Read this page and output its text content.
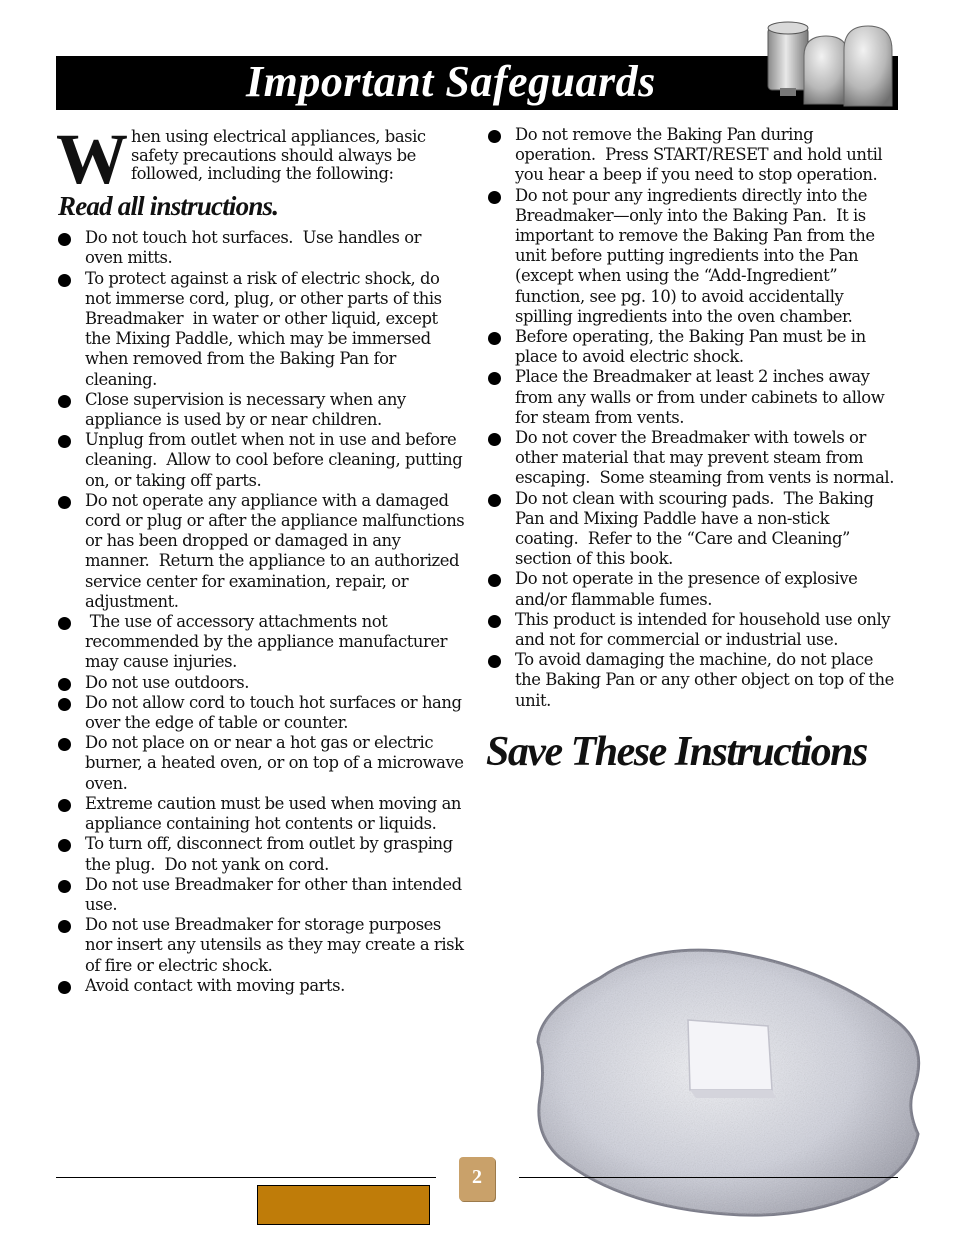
Important Safeguards
W hen using electrical appliances, basic
safety precautions should always be
followed, including the following:
Read all instructions.
Do not touch hot surfaces.  Use handles or
oven mitts.
To protect against a risk of electric shock, do
not immerse cord, plug, or other parts of this
Breadmaker  in water or other liquid, except
the Mixing Paddle, which may be immersed
when removed from the Baking Pan for
cleaning.
Close supervision is necessary when any
appliance is used by or near children.
Unplug from outlet when not in use and before
cleaning.  Allow to cool before cleaning, putting
on, or taking off parts.
Do not operate any appliance with a damaged
cord or plug or after the appliance malfunctions
or has been dropped or damaged in any
manner.  Return the appliance to an authorized
service center for examination, repair, or
adjustment.
The use of accessory attachments not
recommended by the appliance manufacturer
may cause injuries.
Do not use outdoors.
Do not allow cord to touch hot surfaces or hang
over the edge of table or counter.
Do not place on or near a hot gas or electric
burner, a heated oven, or on top of a microwave
oven.
Extreme caution must be used when moving an
appliance containing hot contents or liquids.
To turn off, disconnect from outlet by grasping
the plug.  Do not yank on cord.
Do not use Breadmaker for other than intended
use.
Do not use Breadmaker for storage purposes
nor insert any utensils as they may create a risk
of fire or electric shock.
Avoid contact with moving parts.
Do not remove the Baking Pan during
operation.  Press START/RESET and hold until
you hear a beep if you need to stop operation.
Do not pour any ingredients directly into the
Breadmaker—only into the Baking Pan.  It is
important to remove the Baking Pan from the
unit before putting ingredients into the Pan
(except when using the “Add-Ingredient”
function, see pg. 10) to avoid accidentally
spilling ingredients into the oven chamber.
Before operating, the Baking Pan must be in
place to avoid electric shock.
Place the Breadmaker at least 2 inches away
from any walls or from under cabinets to allow
for steam from vents.
Do not cover the Breadmaker with towels or
other material that may prevent steam from
escaping.  Some steaming from vents is normal.
Do not clean with scouring pads.  The Baking
Pan and Mixing Paddle have a non-stick
coating.  Refer to the “Care and Cleaning”
section of this book.
Do not operate in the presence of explosive
and/or flammable fumes.
This product is intended for household use only
and not for commercial or industrial use.
To avoid damaging the machine, do not place
the Baking Pan or any other object on top of the
unit.
Save These Instructions
2
